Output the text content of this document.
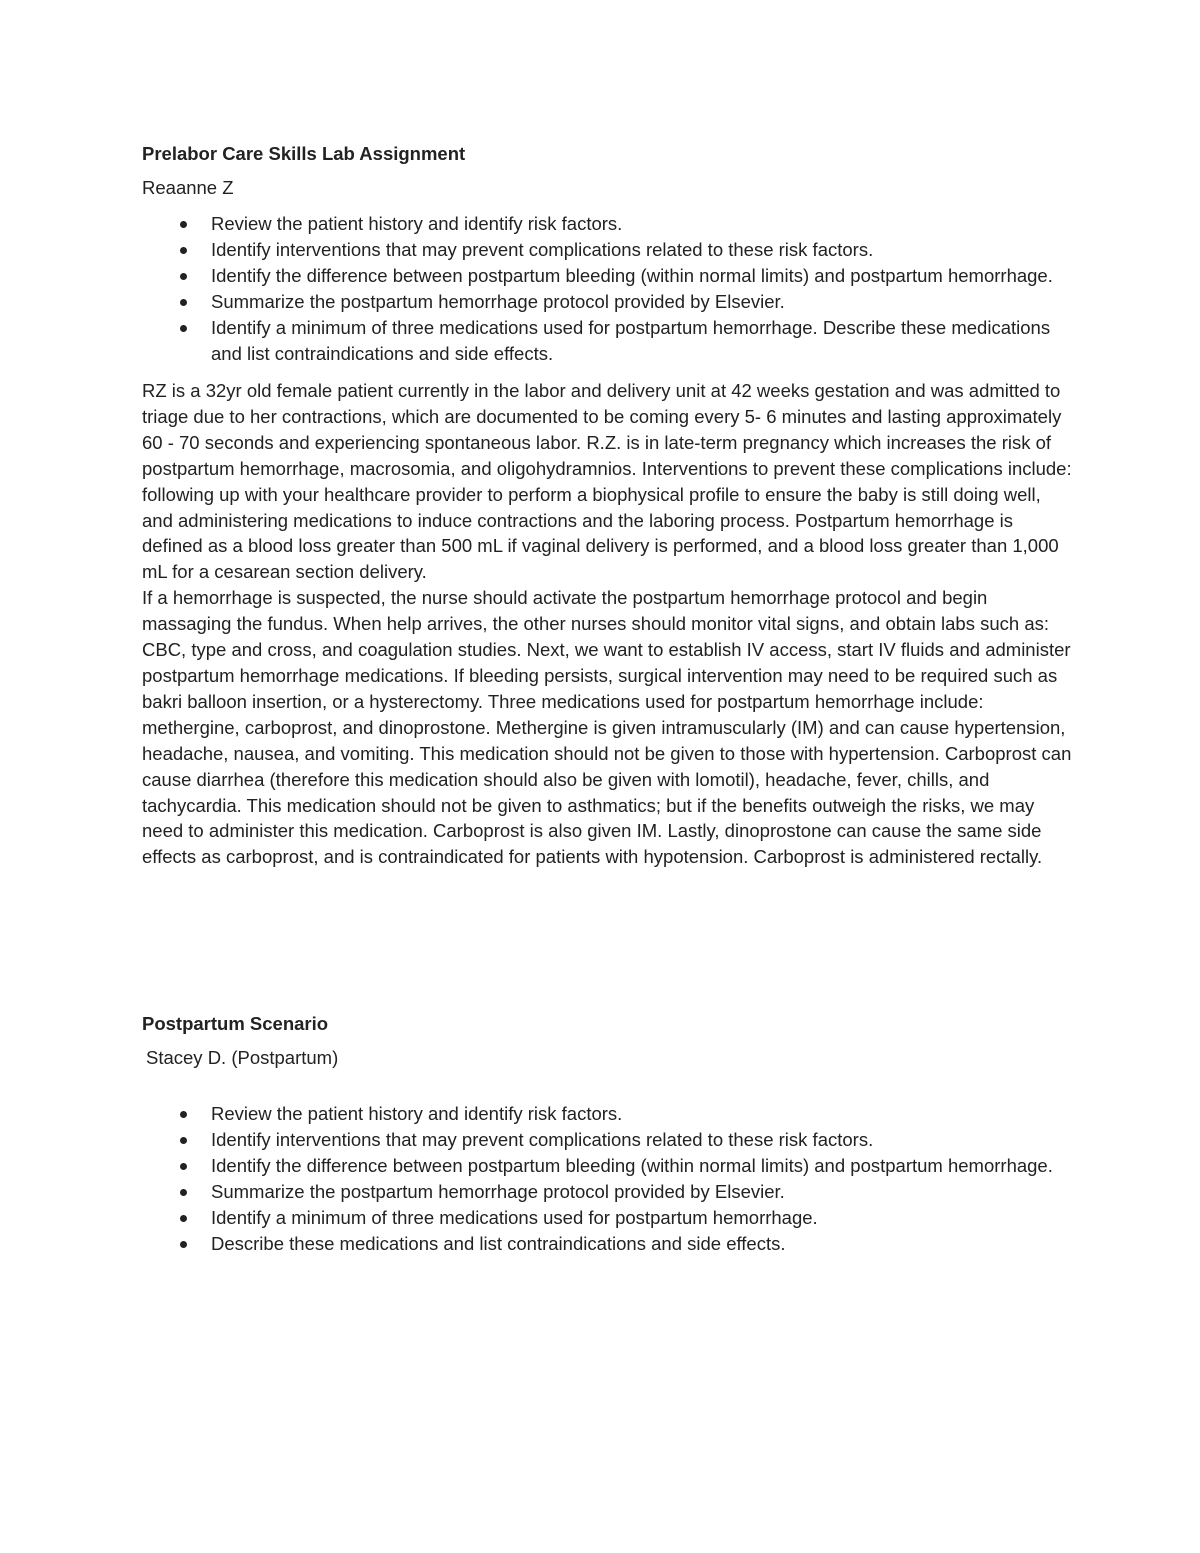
Prelabor Care Skills Lab Assignment
Reaanne Z
Review the patient history and identify risk factors.
Identify interventions that may prevent complications related to these risk factors.
Identify the difference between postpartum bleeding (within normal limits) and postpartum hemorrhage.
Summarize the postpartum hemorrhage protocol provided by Elsevier.
Identify a minimum of three medications used for postpartum hemorrhage. Describe these medications and list contraindications and side effects.

RZ is a 32yr old female patient currently in the labor and delivery unit at 42 weeks gestation and was admitted to triage due to her contractions, which are documented to be coming every 5- 6 minutes and lasting approximately 60 - 70 seconds and experiencing spontaneous labor. R.Z. is in late-term pregnancy which increases the risk of postpartum hemorrhage, macrosomia, and oligohydramnios. Interventions to prevent these complications include: following up with your healthcare provider to perform a biophysical profile to ensure the baby is still doing well, and administering medications to induce contractions and the laboring process. Postpartum hemorrhage is defined as a blood loss greater than 500 mL if vaginal delivery is performed, and a blood loss greater than 1,000 mL for a cesarean section delivery.

If a hemorrhage is suspected, the nurse should activate the postpartum hemorrhage protocol and begin massaging the fundus. When help arrives, the other nurses should monitor vital signs, and obtain labs such as: CBC, type and cross, and coagulation studies. Next, we want to establish IV access, start IV fluids and administer postpartum hemorrhage medications. If bleeding persists, surgical intervention may need to be required such as bakri balloon insertion, or a hysterectomy. Three medications used for postpartum hemorrhage include: methergine, carboprost, and dinoprostone. Methergine is given intramuscularly (IM) and can cause hypertension, headache, nausea, and vomiting. This medication should not be given to those with hypertension. Carboprost can cause diarrhea (therefore this medication should also be given with lomotil), headache, fever, chills, and tachycardia. This medication should not be given to asthmatics; but if the benefits outweigh the risks, we may need to administer this medication. Carboprost is also given IM. Lastly, dinoprostone can cause the same side effects as carboprost, and is contraindicated for patients with hypotension. Carboprost is administered rectally.

Postpartum Scenario
Stacey D. (Postpartum)
Review the patient history and identify risk factors.
Identify interventions that may prevent complications related to these risk factors.
Identify the difference between postpartum bleeding (within normal limits) and postpartum hemorrhage.
Summarize the postpartum hemorrhage protocol provided by Elsevier.
Identify a minimum of three medications used for postpartum hemorrhage.
Describe these medications and list contraindications and side effects.
